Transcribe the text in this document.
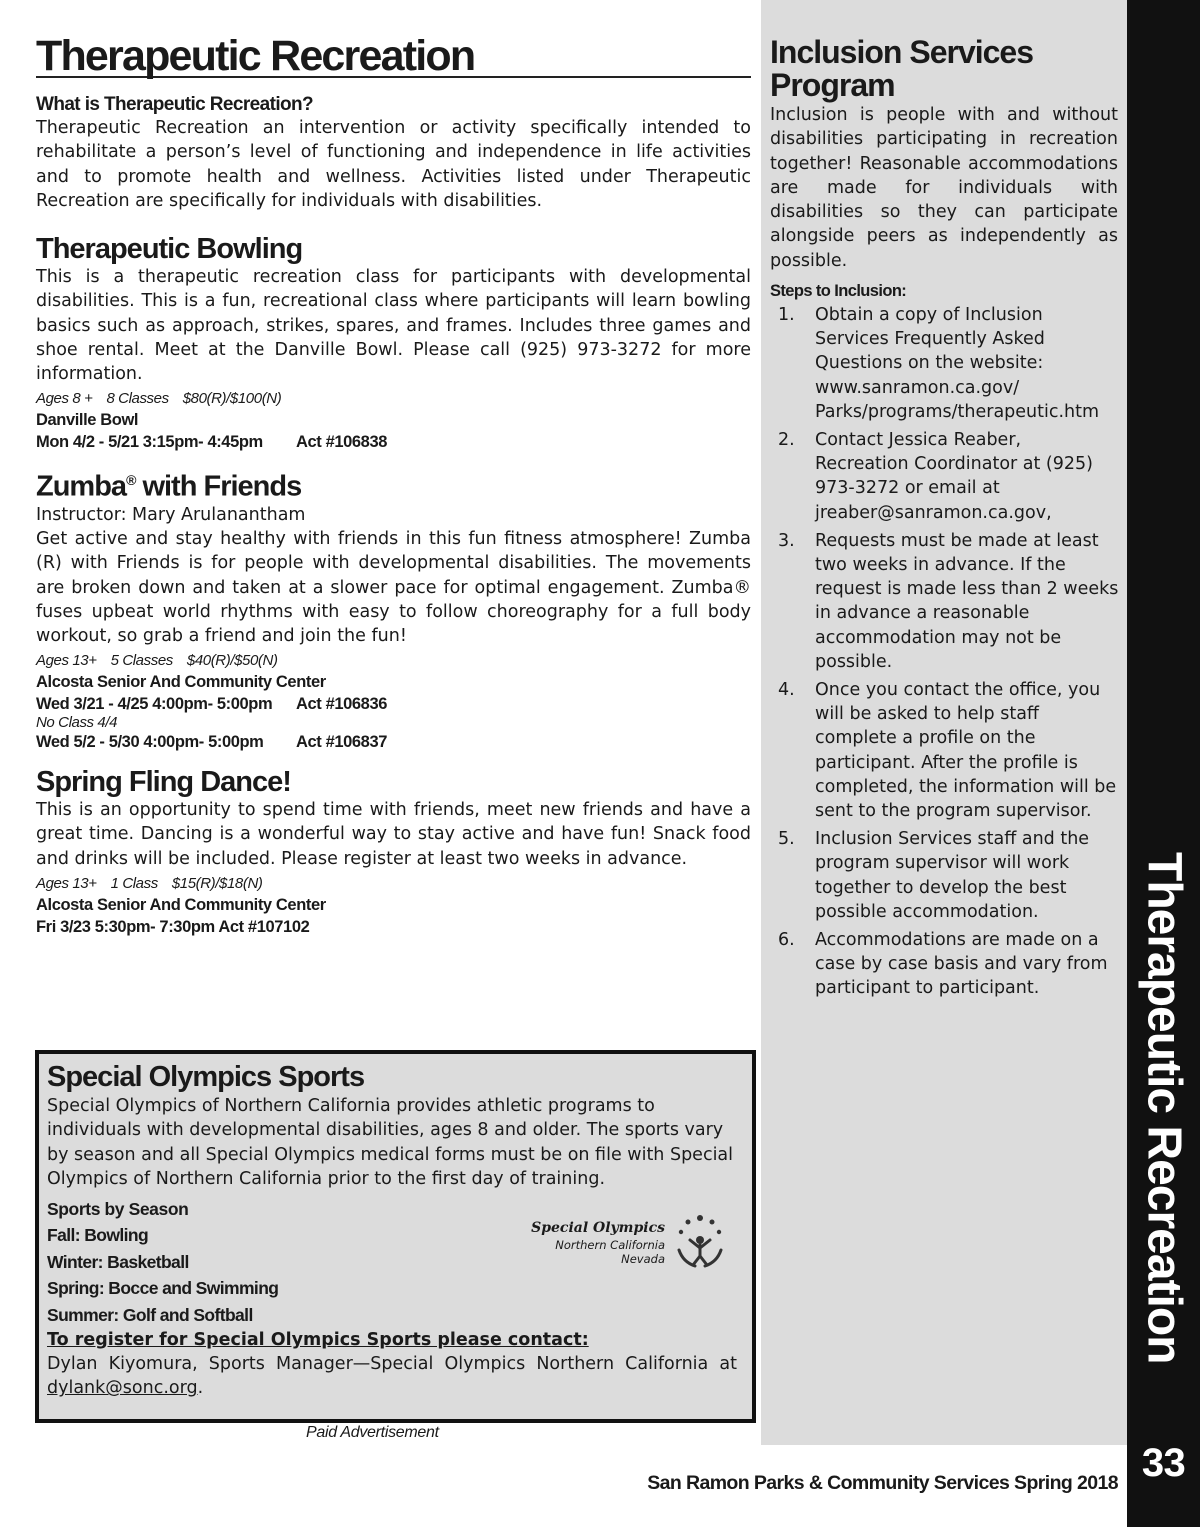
Therapeutic Recreation
What is Therapeutic Recreation?

Therapeutic Recreation an intervention or activity specifically intended to rehabilitate a person’s level of functioning and independence in life activities and to promote health and wellness. Activities listed under Therapeutic Recreation are specifically for individuals with disabilities.

Therapeutic Bowling

This is a therapeutic recreation class for participants with developmental disabilities. This is a fun, recreational class where participants will learn bowling basics such as approach, strikes, spares, and frames. Includes three games and shoe rental. Meet at the Danville Bowl. Please call (925) 973-3272 for more information.

Ages 8 + 8 Classes $80(R)/$100(N)
Danville Bowl
Mon 4/2 - 5/21 3:15pm- 4:45pm Act #106838
Zumba® with Friends
Instructor: Mary Arulanantham

Get active and stay healthy with friends in this fun fitness atmosphere! Zumba (R) with Friends is for people with developmental disabilities. The movements are broken down and taken at a slower pace for optimal engagement. Zumba® fuses upbeat world rhythms with easy to follow choreography for a full body workout, so grab a friend and join the fun!

Ages 13+ 5 Classes $40(R)/$50(N)
Alcosta Senior And Community Center
Wed 3/21 - 4/25 4:00pm- 5:00pm Act #106836
No Class 4/4
Wed 5/2 - 5/30 4:00pm- 5:00pm Act #106837
Spring Fling Dance!

This is an opportunity to spend time with friends, meet new friends and have a great time. Dancing is a wonderful way to stay active and have fun! Snack food and drinks will be included. Please register at least two weeks in advance.

Ages 13+ 1 Class $15(R)/$18(N)
Alcosta Senior And Community Center
Fri 3/23 5:30pm- 7:30pm Act #107102
Special Olympics Sports

Special Olympics of Northern California provides athletic programs to individuals with developmental disabilities, ages 8 and older. The sports vary by season and all Special Olympics medical forms must be on file with Special Olympics of Northern California prior to the first day of training.

Sports by Season
Fall: Bowling
Winter: Basketball
Spring: Bocce and Swimming
Summer: Golf and Softball
To register for Special Olympics Sports please contact:
Dylan Kiyomura, Sports Manager—Special Olympics Northern California at dylank@sonc.org.
Special Olympics
Northern California
Nevada
Paid Advertisement
Inclusion Services Program

Inclusion is people with and without disabilities participating in recreation together! Reasonable accommodations are made for individuals with disabilities so they can participate alongside peers as independently as possible.

Steps to Inclusion:
1. Obtain a copy of Inclusion Services Frequently Asked Questions on the website: www.sanramon.ca.gov/ Parks/programs/therapeutic.htm
2. Contact Jessica Reaber, Recreation Coordinator at (925) 973-3272 or email at jreaber@sanramon.ca.gov,
3. Requests must be made at least two weeks in advance. If the request is made less than 2 weeks in advance a reasonable accommodation may not be possible.
4. Once you contact the office, you will be asked to help staff complete a profile on the participant. After the profile is completed, the information will be sent to the program supervisor.
5. Inclusion Services staff and the program supervisor will work together to develop the best possible accommodation.
6. Accommodations are made on a case by case basis and vary from participant to participant.	Therapeutic Recreation
33
San Ramon Parks & Community Services Spring 2018
